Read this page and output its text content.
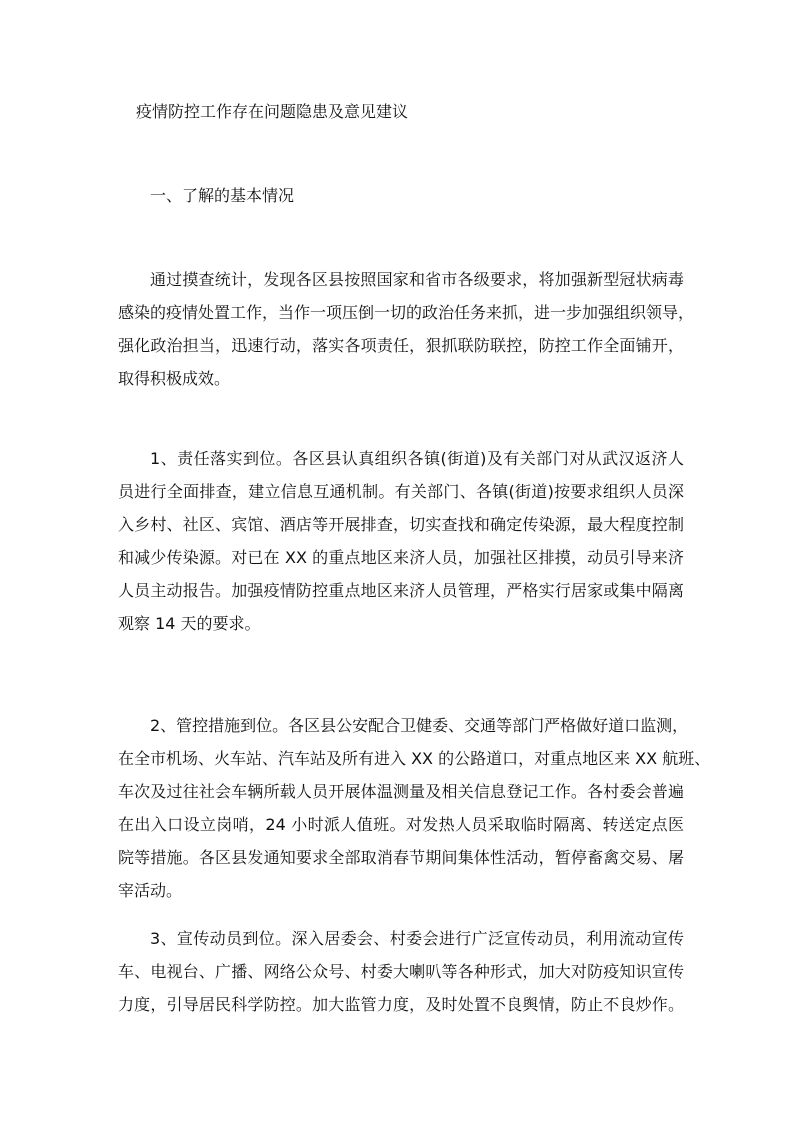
疫情防控工作存在问题隐患及意见建议
一、了解的基本情况
通过摸查统计，发现各区县按照国家和省市各级要求，将加强新型冠状病毒
感染的疫情处置工作，当作一项压倒一切的政治任务来抓，进一步加强组织领导，
强化政治担当，迅速行动，落实各项责任，狠抓联防联控，防控工作全面铺开，
取得积极成效。
1、责任落实到位。各区县认真组织各镇(街道)及有关部门对从武汉返济人
员进行全面排查，建立信息互通机制。有关部门、各镇(街道)按要求组织人员深
入乡村、社区、宾馆、酒店等开展排查，切实查找和确定传染源，最大程度控制
和减少传染源。对已在 XX 的重点地区来济人员，加强社区排摸，动员引导来济
人员主动报告。加强疫情防控重点地区来济人员管理，严格实行居家或集中隔离
观察 14 天的要求。
2、管控措施到位。各区县公安配合卫健委、交通等部门严格做好道口监测，
在全市机场、火车站、汽车站及所有进入 XX 的公路道口，对重点地区来 XX 航班、
车次及过往社会车辆所载人员开展体温测量及相关信息登记工作。各村委会普遍
在出入口设立岗哨，24 小时派人值班。对发热人员采取临时隔离、转送定点医
院等措施。各区县发通知要求全部取消春节期间集体性活动，暂停畜禽交易、屠
宰活动。
3、宣传动员到位。深入居委会、村委会进行广泛宣传动员，利用流动宣传
车、电视台、广播、网络公众号、村委大喇叭等各种形式，加大对防疫知识宣传
力度，引导居民科学防控。加大监管力度，及时处置不良舆情，防止不良炒作。
